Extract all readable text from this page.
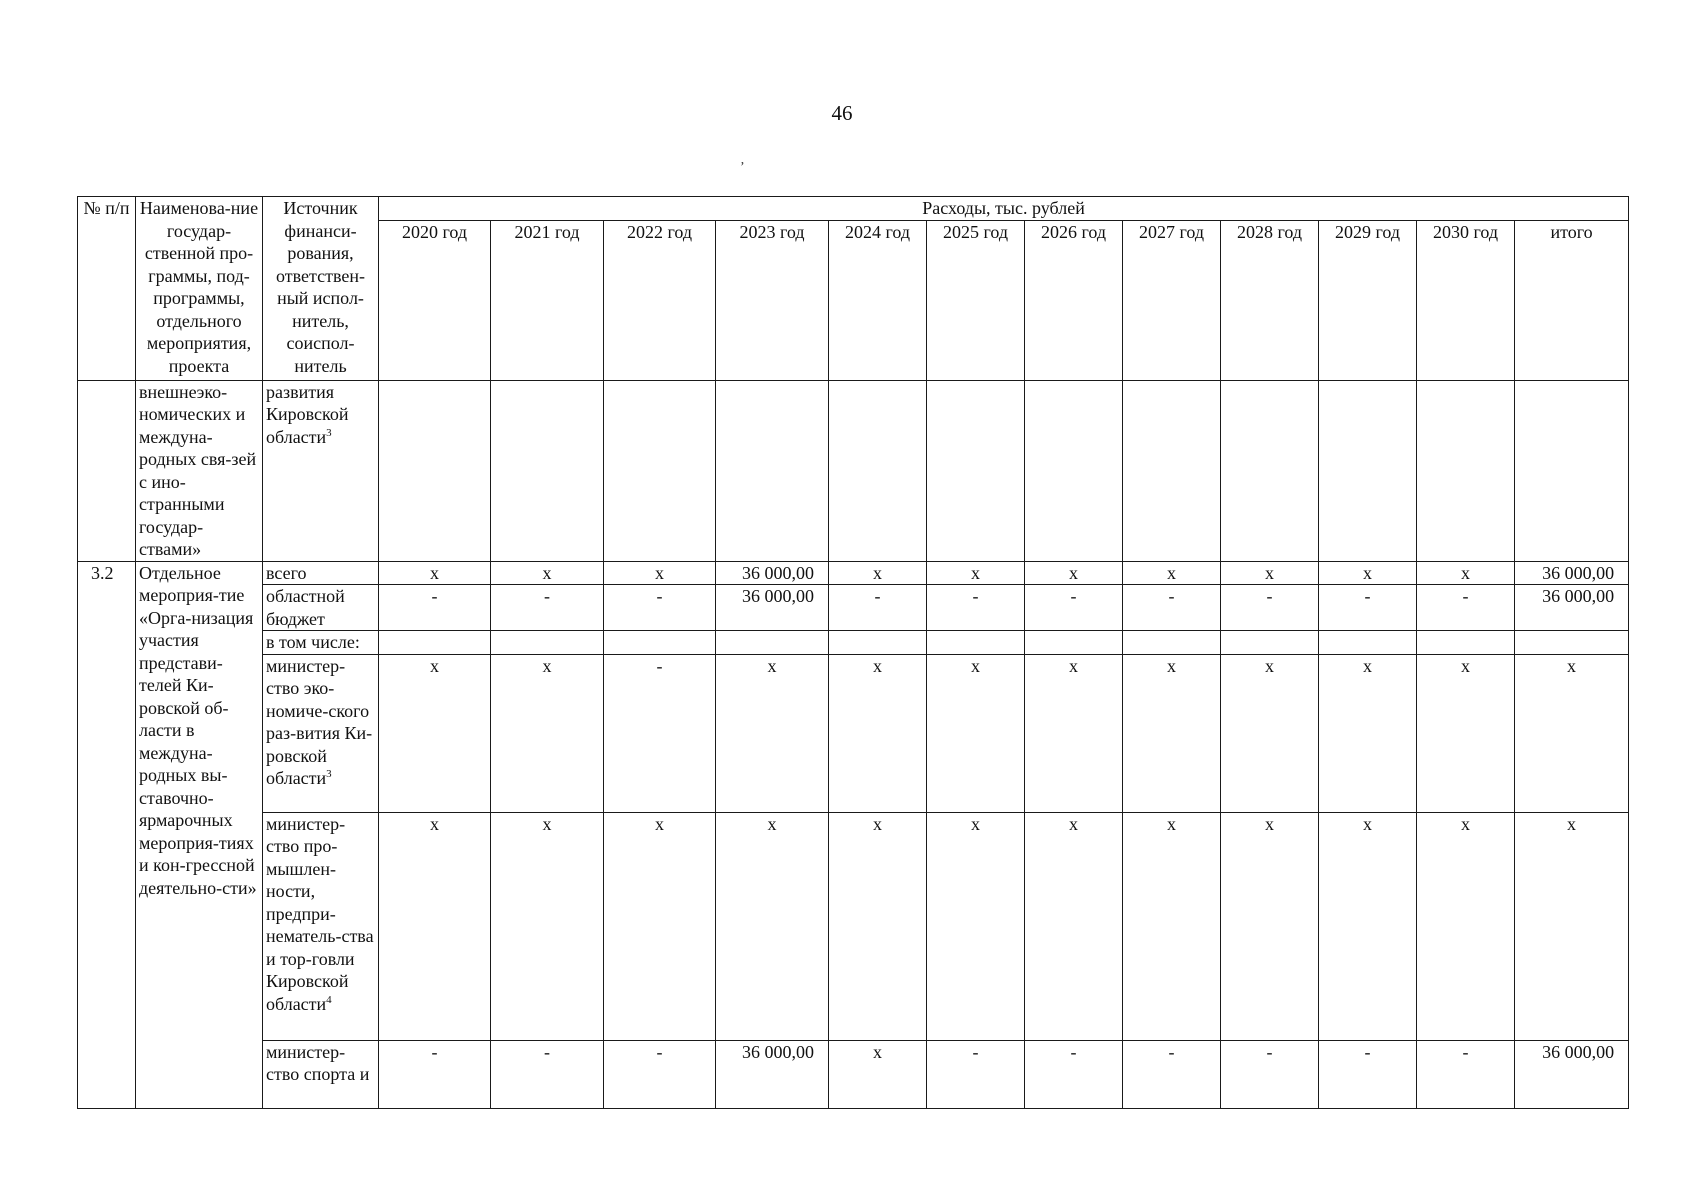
46
ʼ
№ п/п	Наименова-ние государ-ственной про-граммы, под-программы, отдельного мероприятия, проекта	Источник финанси-рования, ответствен-ный испол-нитель, соиспол-нитель	Расходы, тыс. рублей											
			2020 год	2021 год	2022 год	2023 год	2024 год	2025 год	2026 год	2027 год	2028 год	2029 год	2030 год	итого
	внешнеэко-номических и междуна-родных свя-зей с ино-странными государ-ствами»	развития Кировской области$^3$												
3.2	Отдельное мероприя-тие «Орга-низация участия представи-телей Ки-ровской об-ласти в междуна-родных вы-ставочно-ярмарочных мероприя-тиях и кон-грессной деятельно-сти»	всего	x	x	x	36 000,00	x	x	x	x	x	x	x	36 000,00
		областной бюджет	-	-	-	36 000,00	-	-	-	-	-	-	-	36 000,00
		в том числе:												
		министер-ство эко-номиче-ского раз-вития Ки-ровской области$^3$	x	x	-	x	x	x	x	x	x	x	x	x
		министер-ство про-мышлен-ности, предпри-нематель-ства и тор-говли Кировской области$^4$	x	x	x	x	x	x	x	x	x	x	x	x
		министер-ство спорта и	-	-	-	36 000,00	x	-	-	-	-	-	-	36 000,00
